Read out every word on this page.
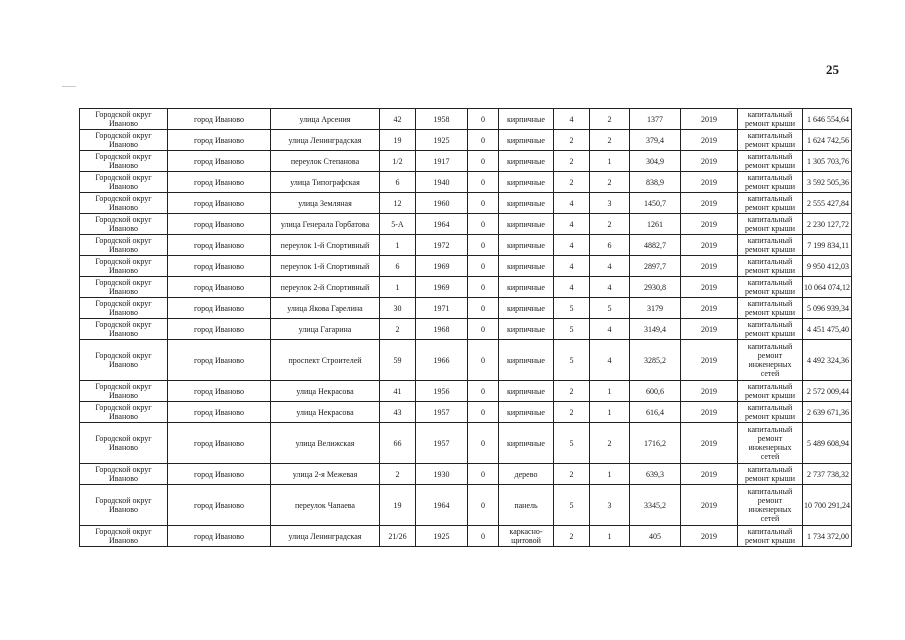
25
Городской округ Иваново	город Иваново	улица Арсения	42	1958	0	кирпичные	4	2	1377	2019	капитальный ремонт крыши	1 646 554,64
Городской округ Иваново	город Иваново	улица Ленинградская	19	1925	0	кирпичные	2	2	379,4	2019	капитальный ремонт крыши	1 624 742,56
Городской округ Иваново	город Иваново	переулок Степанова	1/2	1917	0	кирпичные	2	1	304,9	2019	капитальный ремонт крыши	1 305 703,76
Городской округ Иваново	город Иваново	улица Типографская	6	1940	0	кирпичные	2	2	838,9	2019	капитальный ремонт крыши	3 592 505,36
Городской округ Иваново	город Иваново	улица Земляная	12	1960	0	кирпичные	4	3	1450,7	2019	капитальный ремонт крыши	2 555 427,84
Городской округ Иваново	город Иваново	улица Генерала Горбатова	5-А	1964	0	кирпичные	4	2	1261	2019	капитальный ремонт крыши	2 230 127,72
Городской округ Иваново	город Иваново	переулок 1-й Спортивный	1	1972	0	кирпичные	4	6	4882,7	2019	капитальный ремонт крыши	7 199 834,11
Городской округ Иваново	город Иваново	переулок 1-й Спортивный	6	1969	0	кирпичные	4	4	2897,7	2019	капитальный ремонт крыши	9 950 412,03
Городской округ Иваново	город Иваново	переулок 2-й Спортивный	1	1969	0	кирпичные	4	4	2930,8	2019	капитальный ремонт крыши	10 064 074,12
Городской округ Иваново	город Иваново	улица Якова Гарелина	30	1971	0	кирпичные	5	5	3179	2019	капитальный ремонт крыши	5 096 939,34
Городской округ Иваново	город Иваново	улица Гагарина	2	1968	0	кирпичные	5	4	3149,4	2019	капитальный ремонт крыши	4 451 475,40
Городской округ Иваново	город Иваново	проспект Строителей	59	1966	0	кирпичные	5	4	3285,2	2019	капитальный ремонт инженерных сетей	4 492 324,36
Городской округ Иваново	город Иваново	улица Некрасова	41	1956	0	кирпичные	2	1	600,6	2019	капитальный ремонт крыши	2 572 009,44
Городской округ Иваново	город Иваново	улица Некрасова	43	1957	0	кирпичные	2	1	616,4	2019	капитальный ремонт крыши	2 639 671,36
Городской округ Иваново	город Иваново	улица Велижская	66	1957	0	кирпичные	5	2	1716,2	2019	капитальный ремонт инженерных сетей	5 489 608,94
Городской округ Иваново	город Иваново	улица 2-я Межевая	2	1930	0	дерево	2	1	639,3	2019	капитальный ремонт крыши	2 737 738,32
Городской округ Иваново	город Иваново	переулок Чапаева	19	1964	0	панель	5	3	3345,2	2019	капитальный ремонт инженерных сетей	10 700 291,24
Городской округ Иваново	город Иваново	улица Ленинградская	21/26	1925	0	каркасно-щитовой	2	1	405	2019	капитальный ремонт крыши	1 734 372,00
